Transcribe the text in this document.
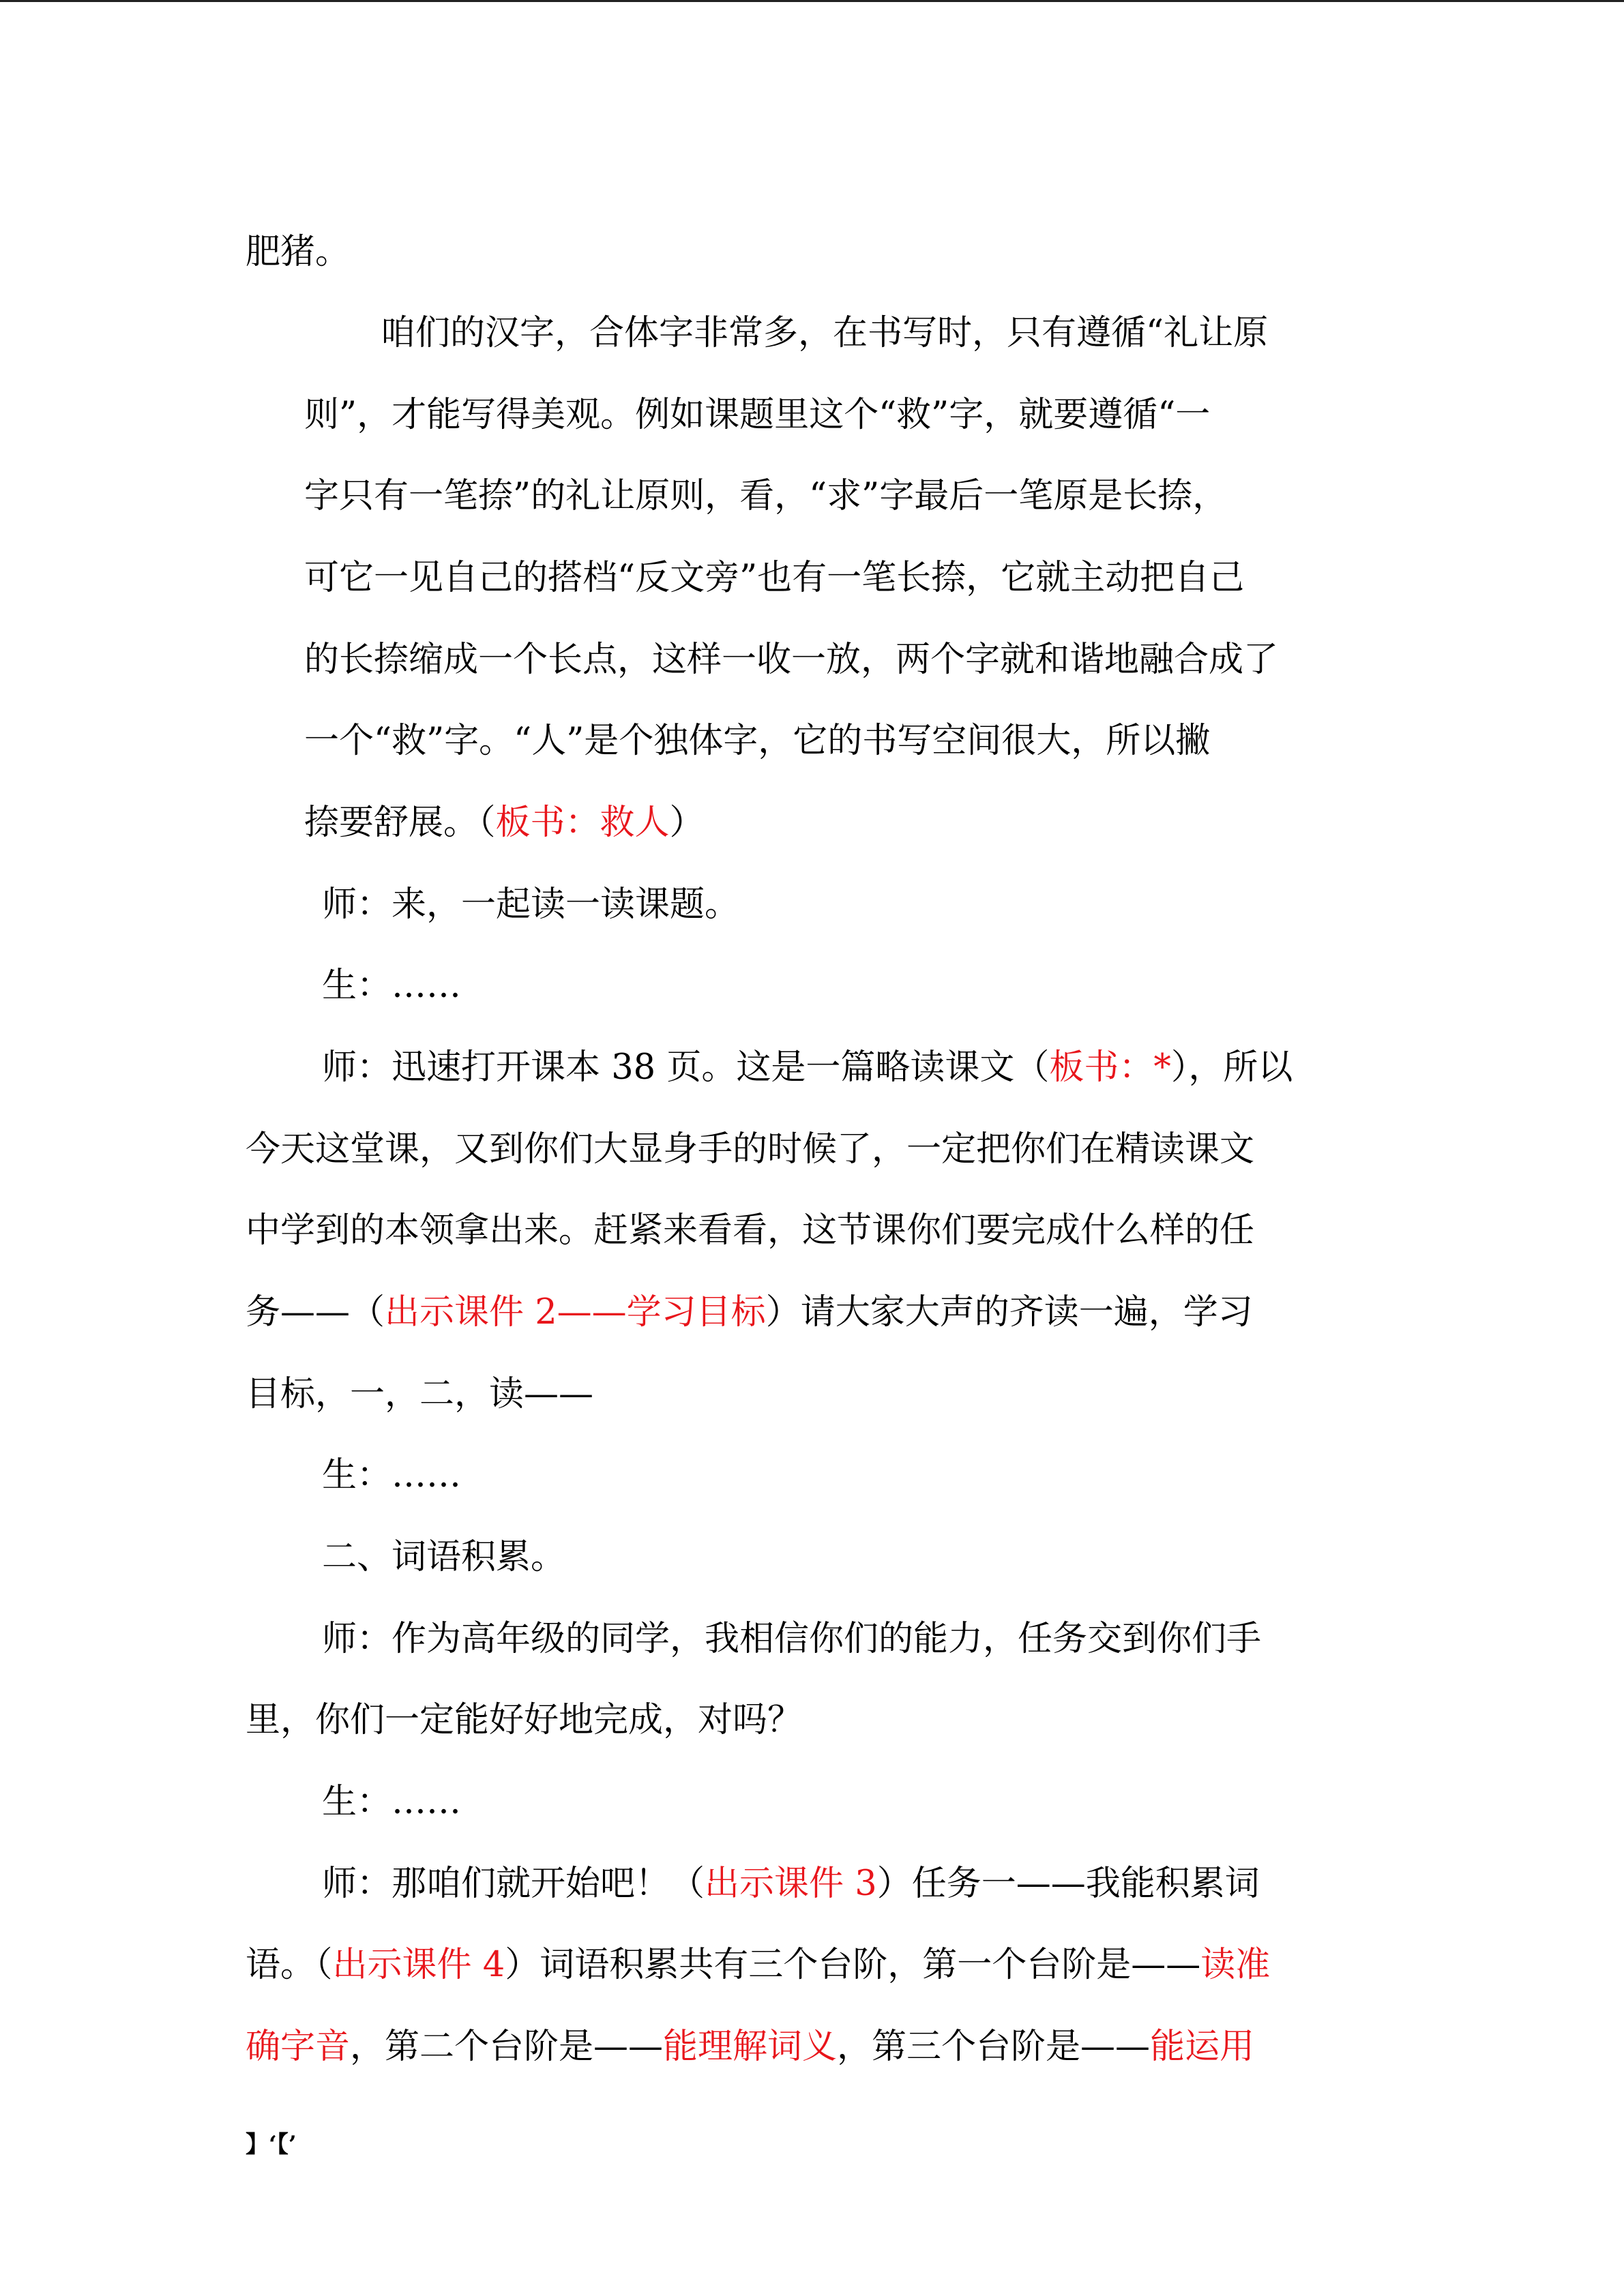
肥猪。
咱们的汉字，合体字非常多，在书写时，只有遵循“礼让原
则”，才能写得美观。例如课题里这个“救”字，就要遵循“一
字只有一笔捺”的礼让原则，看，“求”字最后一笔原是长捺，
可它一见自己的搭档“反文旁”也有一笔长捺，它就主动把自己
的长捺缩成一个长点，这样一收一放，两个字就和谐地融合成了
一个“救”字。“人”是个独体字，它的书写空间很大，所以撇
捺要舒展。（板书：救人）
师：来，一起读一读课题。
生：……
师：迅速打开课本 38 页。这是一篇略读课文（板书：*），所以
今天这堂课，又到你们大显身手的时候了，一定把你们在精读课文
中学到的本领拿出来。赶紧来看看，这节课你们要完成什么样的任
务——（出示课件 2——学习目标）请大家大声的齐读一遍，学习
目标，一，二，读——
生：……
二、词语积累。
师：作为高年级的同学，我相信你们的能力，任务交到你们手
里，你们一定能好好地完成，对吗？
生：……
师：那咱们就开始吧！（出示课件 3）任务一——我能积累词
语。（出示课件 4）词语积累共有三个台阶，第一个台阶是——读准
确字音，第二个台阶是——能理解词义，第三个台阶是——能运用
】‘【’
